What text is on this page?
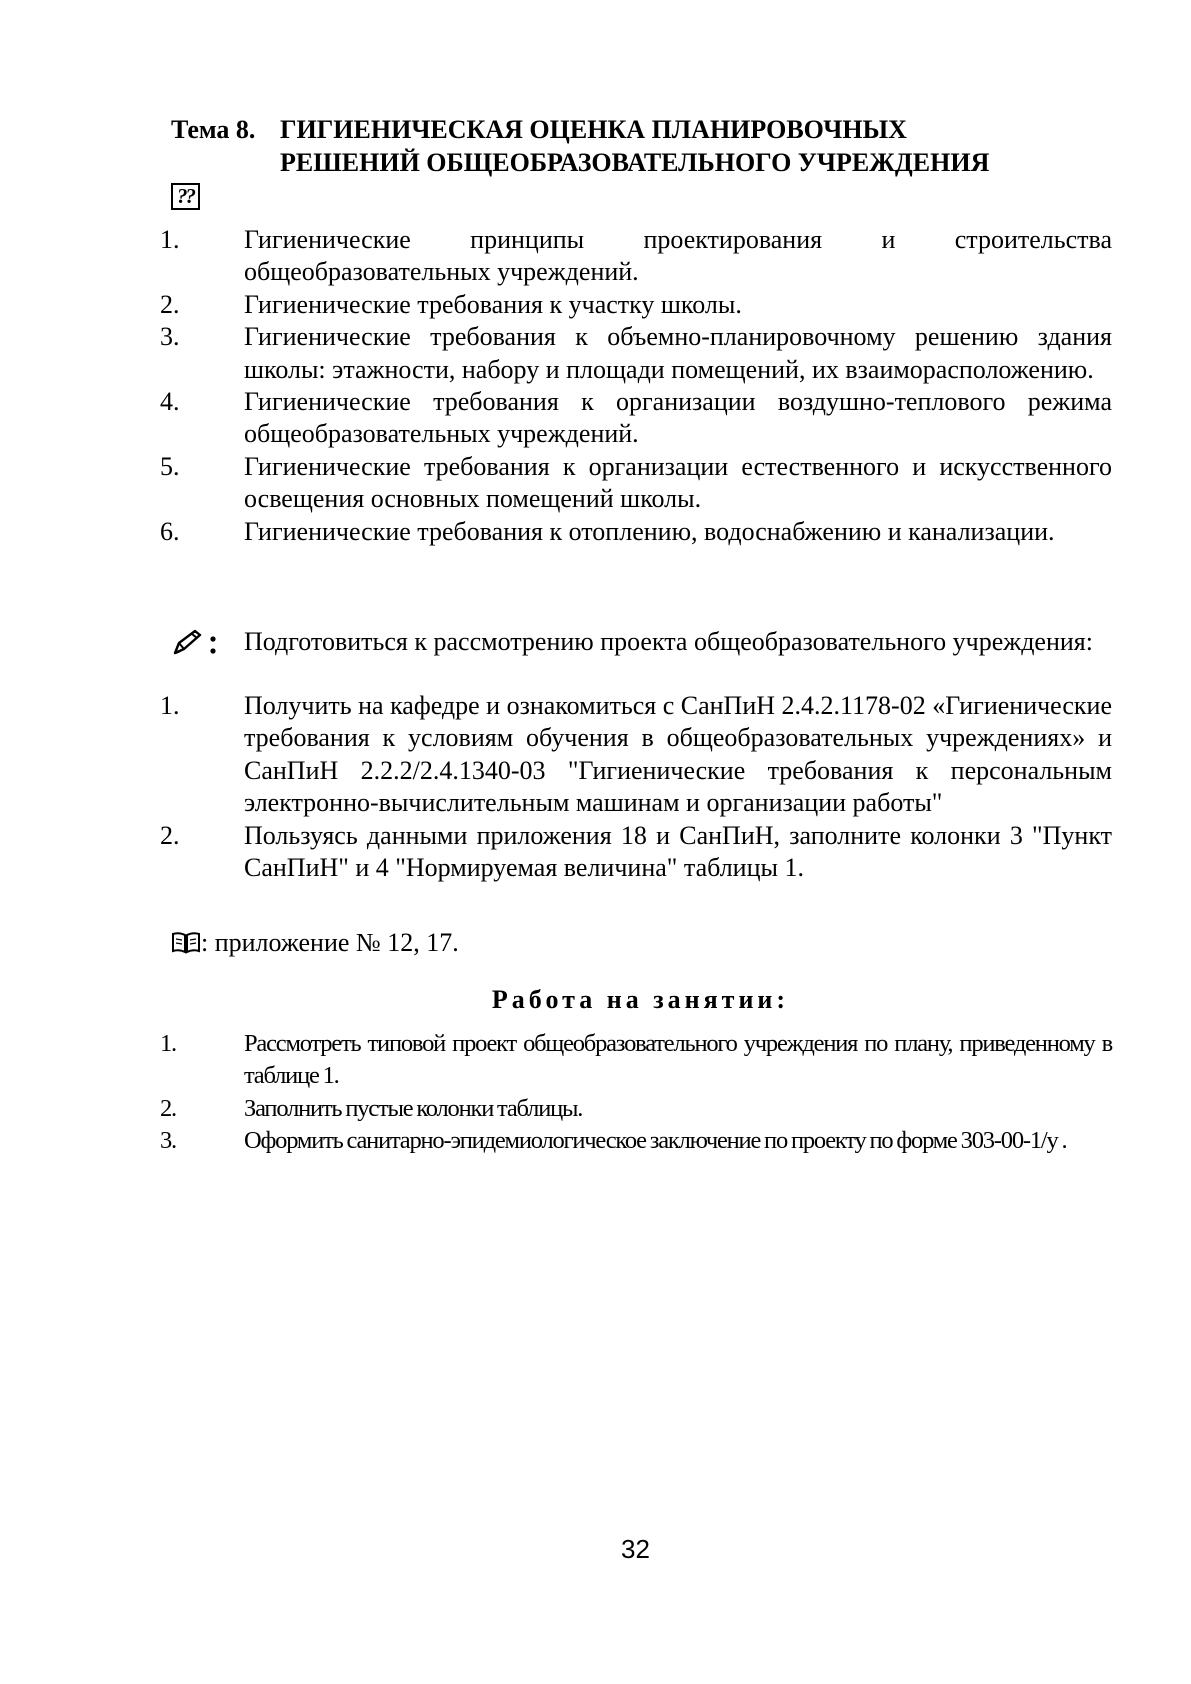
Тема 8. ГИГИЕНИЧЕСКАЯ ОЦЕНКА ПЛАНИРОВОЧНЫХ
РЕШЕНИЙ ОБЩЕОБРАЗОВАТЕЛЬНОГО УЧРЕЖДЕНИЯ
??
1.	Гигиенические принципы проектирования и строительства общеобразовательных учреждений.
2.	Гигиенические требования к участку школы.
3.	Гигиенические требования к объемно-планировочному решению здания школы: этажности, набору и площади помещений, их взаиморасположению.
4.	Гигиенические требования к организации воздушно-теплового режима общеобразовательных учреждений.
5.	Гигиенические требования к организации естественного и искусственного освещения основных помещений школы.
6.	Гигиенические требования к отоплению, водоснабжению и канализации.
Подготовиться к рассмотрению проекта общеобразовательного учреждения:
1.	Получить на кафедре и ознакомиться с СанПиН 2.4.2.1178-02 «Гигиенические требования к условиям обучения в общеобразовательных учреждениях» и СанПиН 2.2.2/2.4.1340-03 "Гигиенические требования к персональным электронно-вычислительным машинам и организации работы"
2.	Пользуясь данными приложения 18 и СанПиН, заполните колонки 3 "Пункт СанПиН" и 4 "Нормируемая величина" таблицы 1.
: приложение № 12, 17.
Работа на занятии:
1.	Рассмотреть типовой проект общеобразовательного учреждения по плану, приведенному в таблице 1.
2.	Заполнить пустые колонки таблицы.
3.	Оформить санитарно-эпидемиологическое заключение по проекту по форме 303-00-1/у .
32
